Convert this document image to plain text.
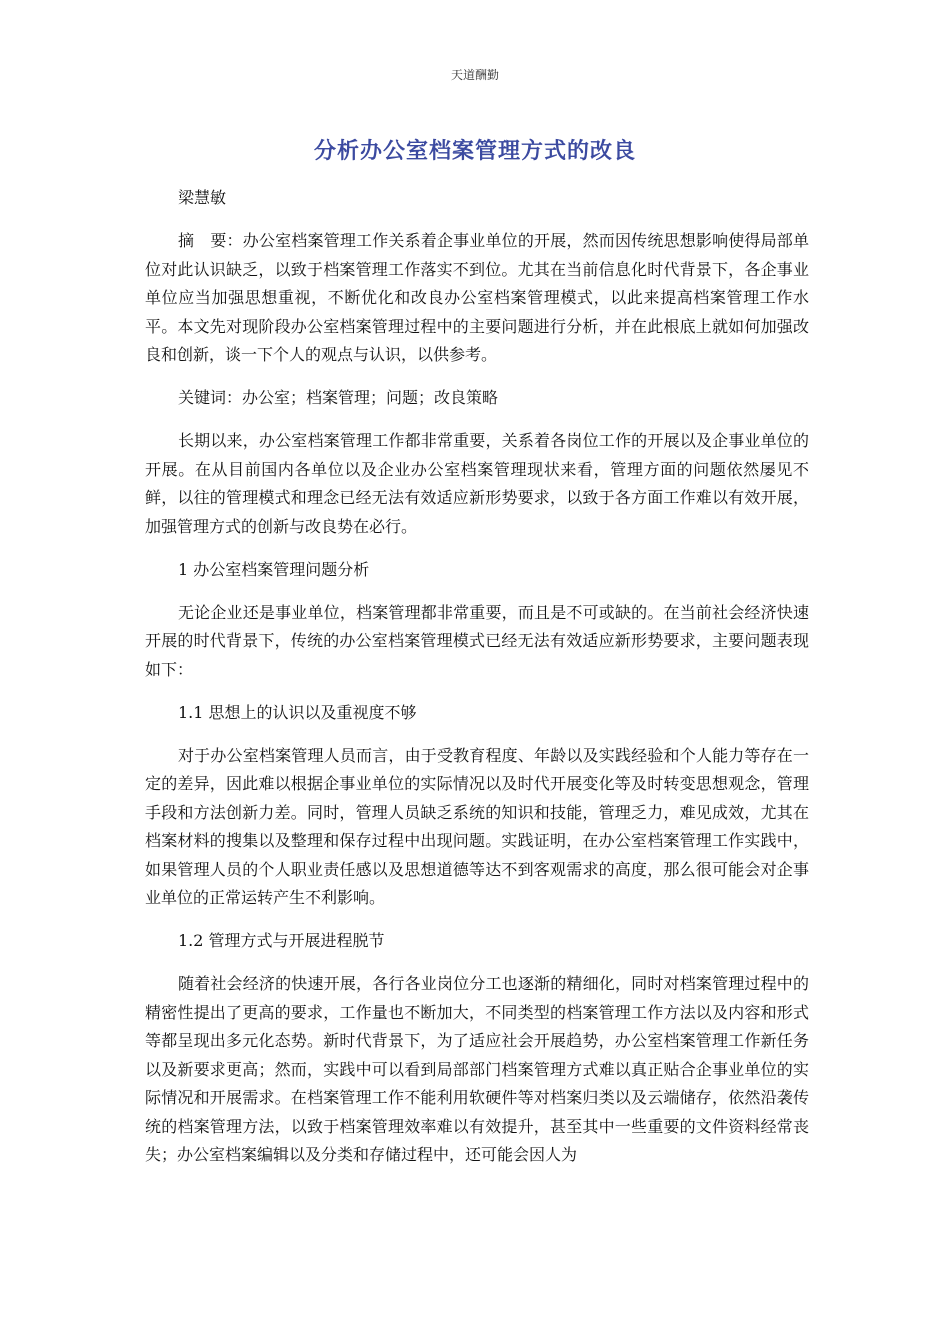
天道酬勤
分析办公室档案管理方式的改良

梁慧敏

摘　要：办公室档案管理工作关系着企事业单位的开展，然而因传统思想影响使得局部单位对此认识缺乏，以致于档案管理工作落实不到位。尤其在当前信息化时代背景下，各企事业单位应当加强思想重视，不断优化和改良办公室档案管理模式，以此来提高档案管理工作水平。本文先对现阶段办公室档案管理过程中的主要问题进行分析，并在此根底上就如何加强改良和创新，谈一下个人的观点与认识，以供参考。

关键词：办公室；档案管理；问题；改良策略

长期以来，办公室档案管理工作都非常重要，关系着各岗位工作的开展以及企事业单位的开展。在从目前国内各单位以及企业办公室档案管理现状来看，管理方面的问题依然屡见不鲜，以往的管理模式和理念已经无法有效适应新形势要求，以致于各方面工作难以有效开展，加强管理方式的创新与改良势在必行。

1 办公室档案管理问题分析

无论企业还是事业单位，档案管理都非常重要，而且是不可或缺的。在当前社会经济快速开展的时代背景下，传统的办公室档案管理模式已经无法有效适应新形势要求，主要问题表现如下：

1.1 思想上的认识以及重视度不够

对于办公室档案管理人员而言，由于受教育程度、年龄以及实践经验和个人能力等存在一定的差异，因此难以根据企事业单位的实际情况以及时代开展变化等及时转变思想观念，管理手段和方法创新力差。同时，管理人员缺乏系统的知识和技能，管理乏力，难见成效，尤其在档案材料的搜集以及整理和保存过程中出现问题。实践证明，在办公室档案管理工作实践中，如果管理人员的个人职业责任感以及思想道德等达不到客观需求的高度，那么很可能会对企事业单位的正常运转产生不利影响。

1.2 管理方式与开展进程脱节

随着社会经济的快速开展，各行各业岗位分工也逐渐的精细化，同时对档案管理过程中的精密性提出了更高的要求，工作量也不断加大，不同类型的档案管理工作方法以及内容和形式等都呈现出多元化态势。新时代背景下，为了适应社会开展趋势，办公室档案管理工作新任务以及新要求更高；然而，实践中可以看到局部部门档案管理方式难以真正贴合企事业单位的实际情况和开展需求。在档案管理工作不能利用软硬件等对档案归类以及云端储存，依然沿袭传统的档案管理方法，以致于档案管理效率难以有效提升，甚至其中一些重要的文件资料经常丧失；办公室档案编辑以及分类和存储过程中，还可能会因人为
